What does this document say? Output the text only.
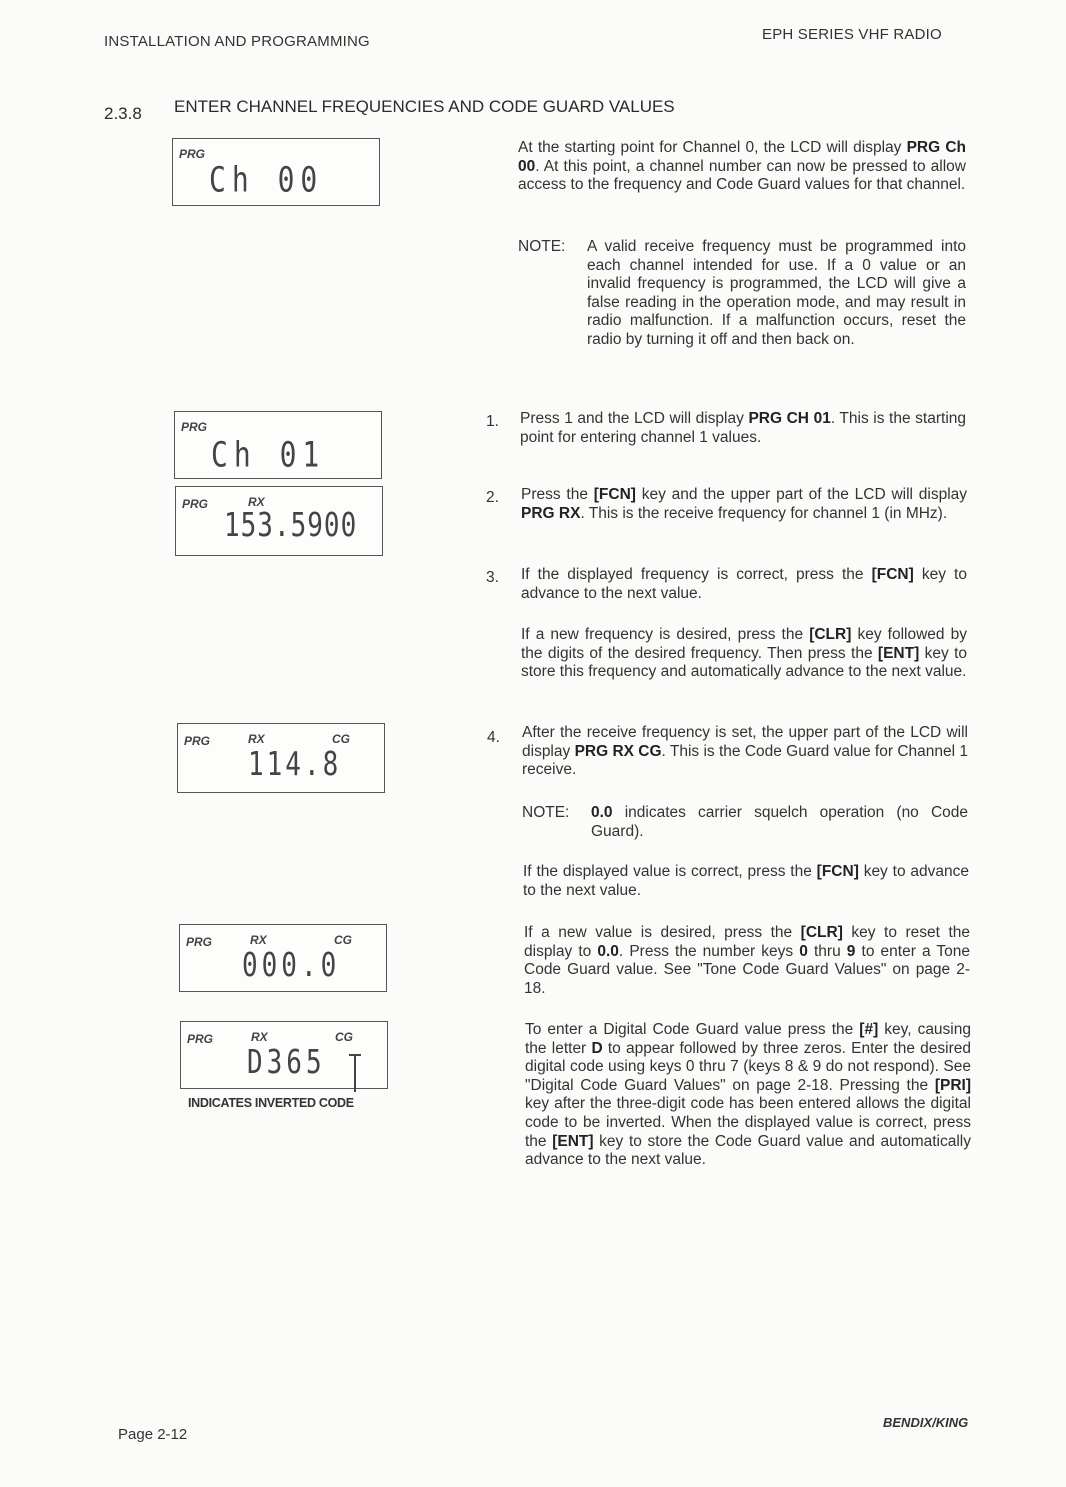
INSTALLATION AND PROGRAMMING	EPH SERIES VHF RADIO
2.3.8 ENTER CHANNEL FREQUENCIES AND CODE GUARD VALUES
PRG
Ch 00
PRG
Ch 01
PRG	RX
153.5900
PRG	RX	CG
114.8
PRG	RX	CG
000.0
PRG	RX	CG
D365
INDICATES INVERTED CODE
At the starting point for Channel 0, the LCD will display PRG Ch 00. At this point, a channel number can now be pressed to allow access to the frequency and Code Guard values for that channel.
NOTE: A valid receive frequency must be programmed into each channel intended for use. If a 0 value or an invalid frequency is programmed, the LCD will give a false reading in the operation mode, and may result in radio malfunction. If a malfunction occurs, reset the radio by turning it off and then back on.
1. Press 1 and the LCD will display PRG CH 01. This is the starting point for entering channel 1 values.
2. Press the [FCN] key and the upper part of the LCD will display PRG RX. This is the receive frequency for channel 1 (in MHz).
3. If the displayed frequency is correct, press the [FCN] key to advance to the next value.
If a new frequency is desired, press the [CLR] key followed by the digits of the desired frequency. Then press the [ENT] key to store this frequency and automatically advance to the next value.
4. After the receive frequency is set, the upper part of the LCD will display PRG RX CG. This is the Code Guard value for Channel 1 receive.
NOTE: 0.0 indicates carrier squelch operation (no Code Guard).
If the displayed value is correct, press the [FCN] key to advance to the next value.
If a new value is desired, press the [CLR] key to reset the display to 0.0. Press the number keys 0 thru 9 to enter a Tone Code Guard value. See "Tone Code Guard Values" on page 2-18.
To enter a Digital Code Guard value press the [#] key, causing the letter D to appear followed by three zeros. Enter the desired digital code using keys 0 thru 7 (keys 8 & 9 do not respond). See "Digital Code Guard Values" on page 2-18. Pressing the [PRI] key after the three-digit code has been entered allows the digital code to be inverted. When the displayed value is correct, press the [ENT] key to store the Code Guard value and automatically advance to the next value.
Page 2-12
BENDIX/KING
